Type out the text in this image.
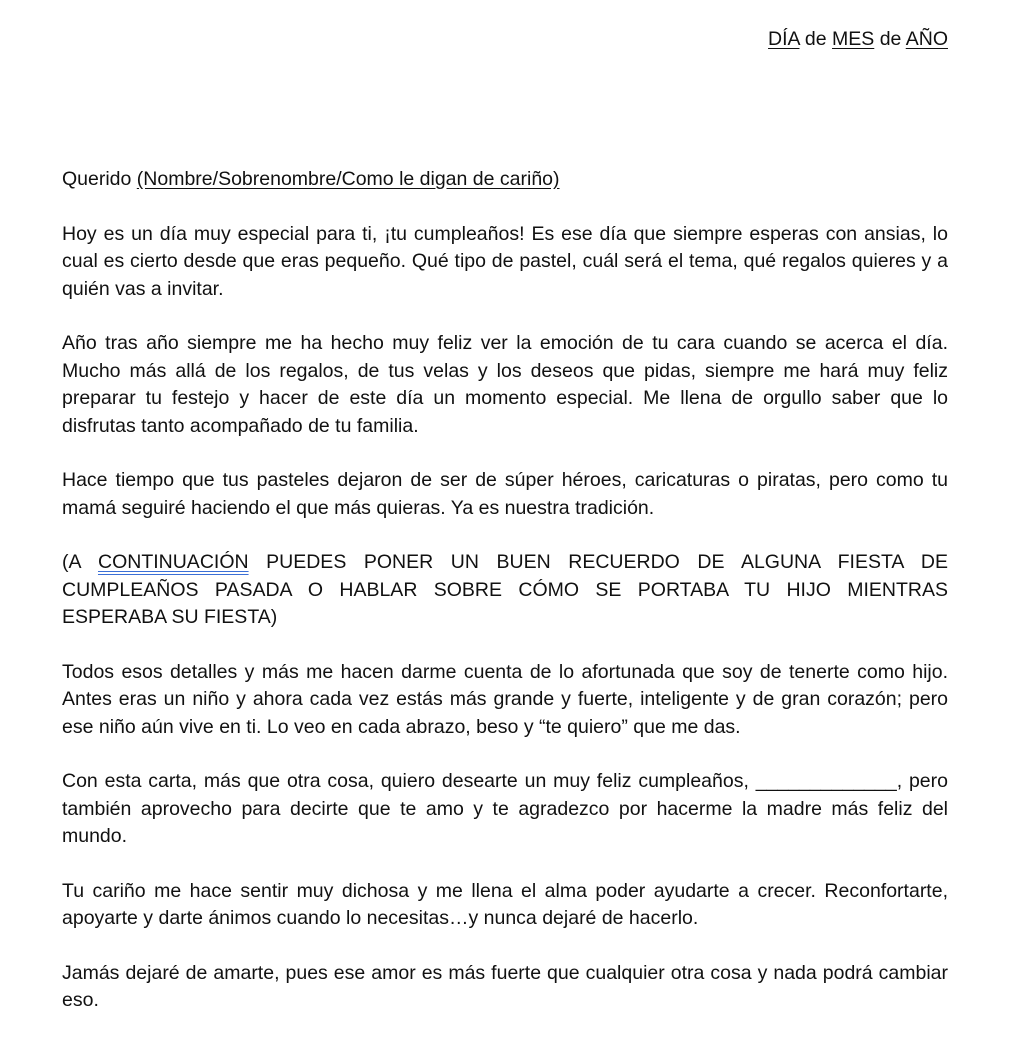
DÍA de MES de AÑO

Querido (Nombre/Sobrenombre/Como le digan de cariño)

Hoy es un día muy especial para ti, ¡tu cumpleaños! Es ese día que siempre esperas con ansias, lo cual es cierto desde que eras pequeño. Qué tipo de pastel, cuál será el tema, qué regalos quieres y a quién vas a invitar.

Año tras año siempre me ha hecho muy feliz ver la emoción de tu cara cuando se acerca el día. Mucho más allá de los regalos, de tus velas y los deseos que pidas, siempre me hará muy feliz preparar tu festejo y hacer de este día un momento especial. Me llena de orgullo saber que lo disfrutas tanto acompañado de tu familia.

Hace tiempo que tus pasteles dejaron de ser de súper héroes, caricaturas o piratas, pero como tu mamá seguiré haciendo el que más quieras. Ya es nuestra tradición.

(A CONTINUACIÓN PUEDES PONER UN BUEN RECUERDO DE ALGUNA FIESTA DE CUMPLEAÑOS PASADA O HABLAR SOBRE CÓMO SE PORTABA TU HIJO MIENTRAS ESPERABA SU FIESTA)

Todos esos detalles y más me hacen darme cuenta de lo afortunada que soy de tenerte como hijo. Antes eras un niño y ahora cada vez estás más grande y fuerte, inteligente y de gran corazón; pero ese niño aún vive en ti. Lo veo en cada abrazo, beso y “te quiero” que me das.

Con esta carta, más que otra cosa, quiero desearte un muy feliz cumpleaños, _____________, pero también aprovecho para decirte que te amo y te agradezco por hacerme la madre más feliz del mundo.

Tu cariño me hace sentir muy dichosa y me llena el alma poder ayudarte a crecer. Reconfortarte, apoyarte y darte ánimos cuando lo necesitas…y nunca dejaré de hacerlo.

Jamás dejaré de amarte, pues ese amor es más fuerte que cualquier otra cosa y nada podrá cambiar eso.
